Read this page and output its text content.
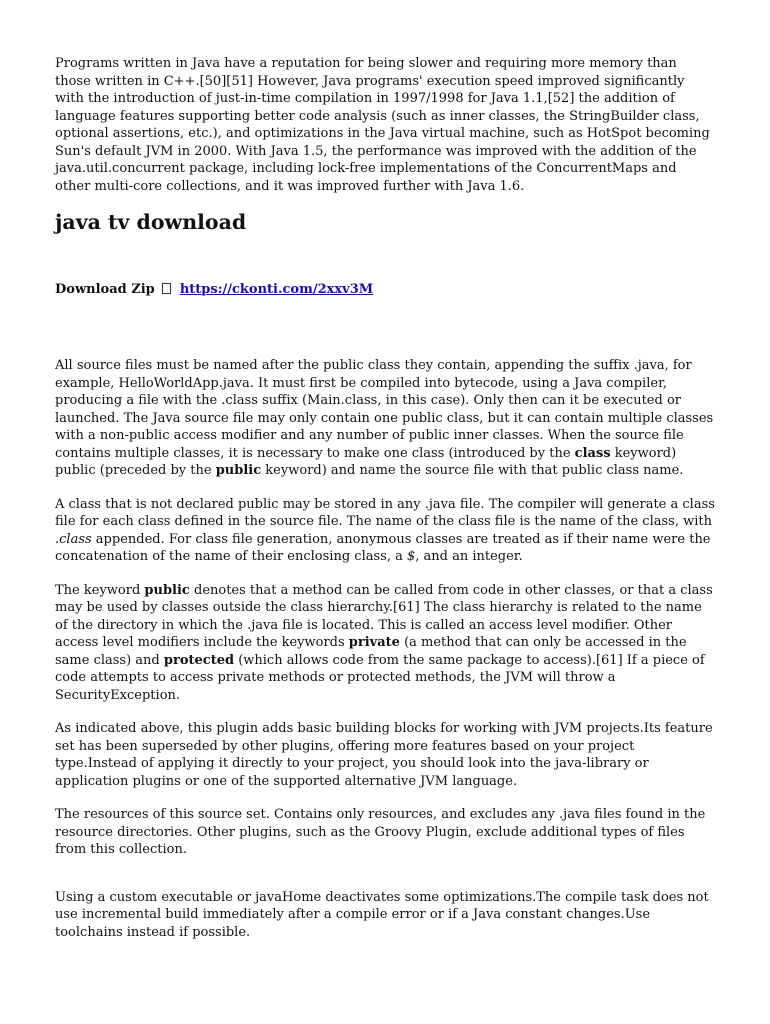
Programs written in Java have a reputation for being slower and requiring more memory than those written in C++.[50][51] However, Java programs' execution speed improved significantly with the introduction of just-in-time compilation in 1997/1998 for Java 1.1,[52] the addition of language features supporting better code analysis (such as inner classes, the StringBuilder class, optional assertions, etc.), and optimizations in the Java virtual machine, such as HotSpot becoming Sun's default JVM in 2000. With Java 1.5, the performance was improved with the addition of the java.util.concurrent package, including lock-free implementations of the ConcurrentMaps and other multi-core collections, and it was improved further with Java 1.6.

java tv download
Download Zip https://ckonti.com/2xxv3M

All source files must be named after the public class they contain, appending the suffix .java, for example, HelloWorldApp.java. It must first be compiled into bytecode, using a Java compiler, producing a file with the .class suffix (Main.class, in this case). Only then can it be executed or launched. The Java source file may only contain one public class, but it can contain multiple classes with a non-public access modifier and any number of public inner classes. When the source file contains multiple classes, it is necessary to make one class (introduced by the class keyword) public (preceded by the public keyword) and name the source file with that public class name.

A class that is not declared public may be stored in any .java file. The compiler will generate a class file for each class defined in the source file. The name of the class file is the name of the class, with .class appended. For class file generation, anonymous classes are treated as if their name were the concatenation of the name of their enclosing class, a $, and an integer.

The keyword public denotes that a method can be called from code in other classes, or that a class may be used by classes outside the class hierarchy.[61] The class hierarchy is related to the name of the directory in which the .java file is located. This is called an access level modifier. Other access level modifiers include the keywords private (a method that can only be accessed in the same class) and protected (which allows code from the same package to access).[61] If a piece of code attempts to access private methods or protected methods, the JVM will throw a SecurityException.

As indicated above, this plugin adds basic building blocks for working with JVM projects.Its feature set has been superseded by other plugins, offering more features based on your project type.Instead of applying it directly to your project, you should look into the java-library or application plugins or one of the supported alternative JVM language.

The resources of this source set. Contains only resources, and excludes any .java files found in the resource directories. Other plugins, such as the Groovy Plugin, exclude additional types of files from this collection.

Using a custom executable or javaHome deactivates some optimizations.The compile task does not use incremental build immediately after a compile error or if a Java constant changes.Use toolchains instead if possible.
